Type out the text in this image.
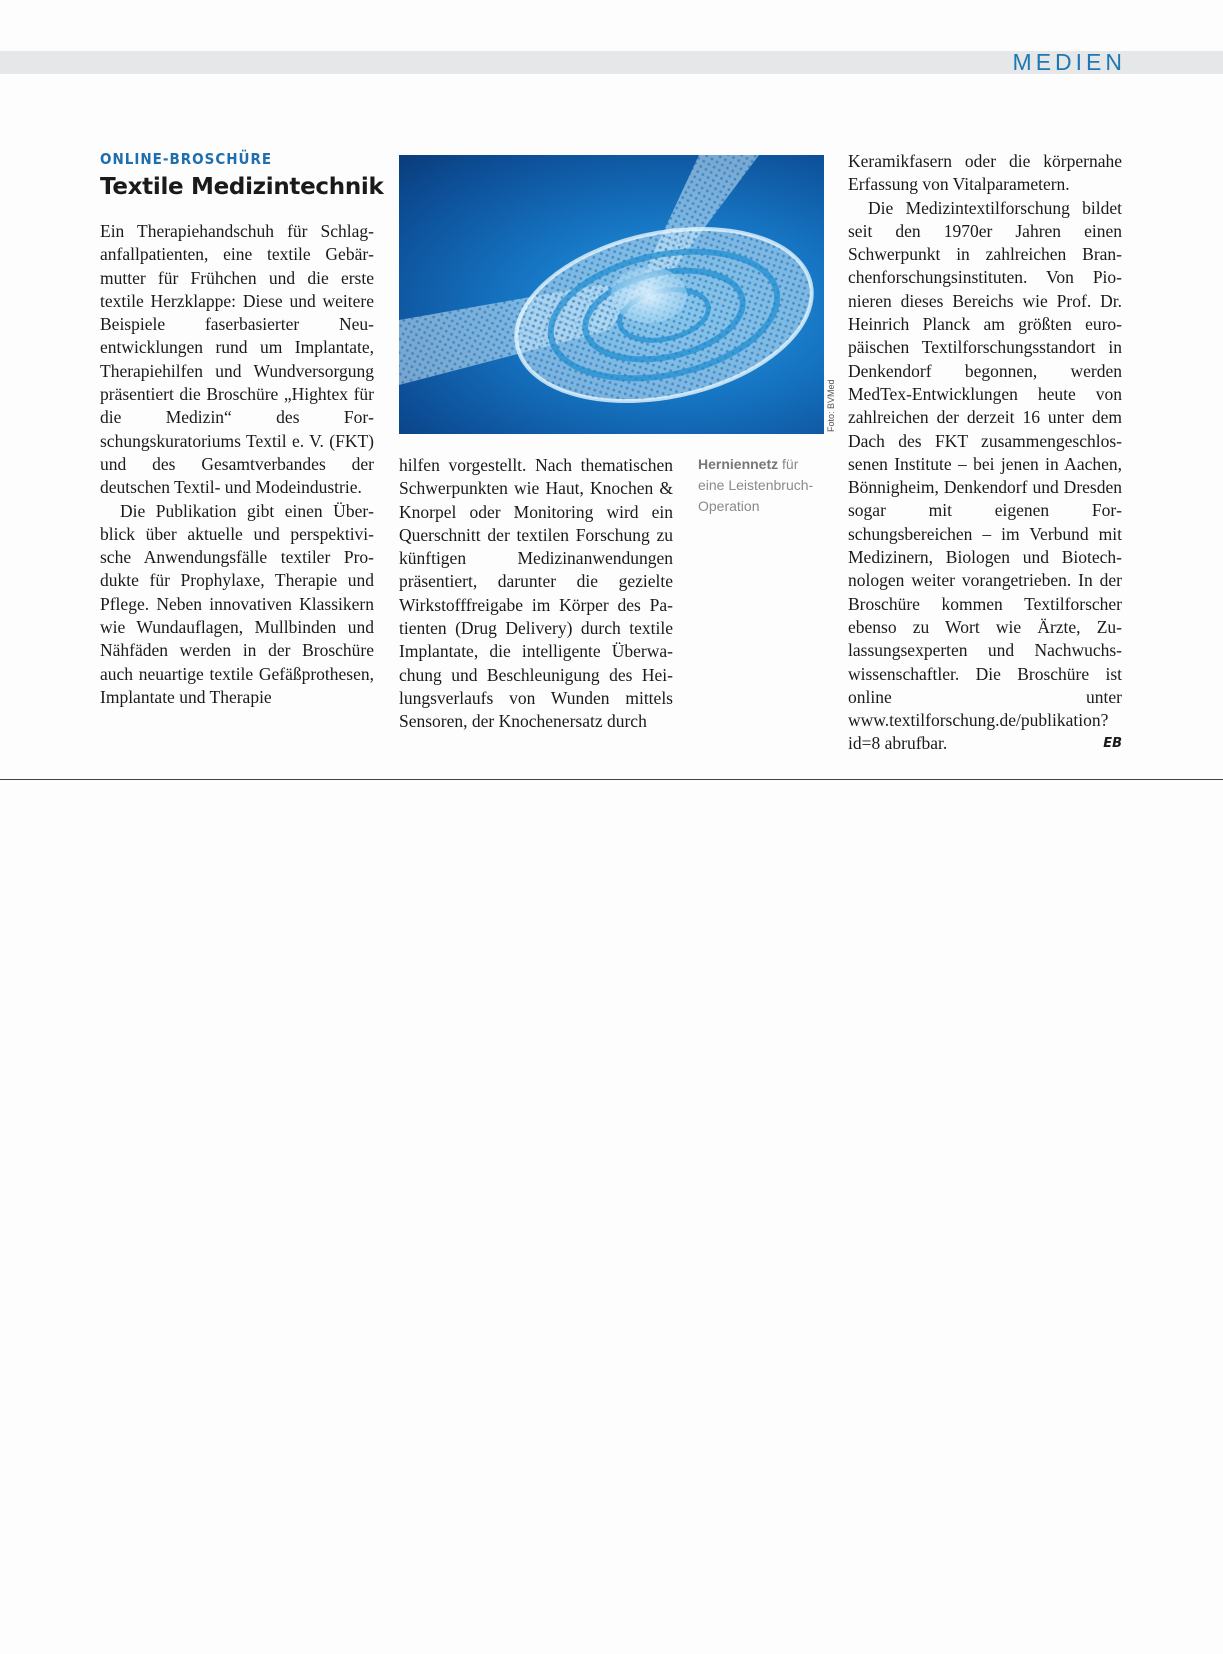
MEDIEN
ONLINE-BROSCHÜRE
Textile Medizintechnik

Ein Therapiehandschuh für Schlaganfallpatienten, eine textile Gebärmutter für Frühchen und die erste textile Herzklappe: Diese und weitere Beispiele faserbasierter Neuentwicklungen rund um Implantate, Therapiehilfen und Wundversorgung präsentiert die Broschüre „Hightex für die Medizin“ des Forschungskuratoriums Textil e. V. (FKT) und des Gesamtverbandes der deutschen Textil- und Modeindustrie.

Die Publikation gibt einen Überblick über aktuelle und perspektivische Anwendungsfälle textiler Produkte für Prophylaxe, Therapie und Pflege. Neben innovativen Klassikern wie Wundauflagen, Mullbinden und Nähfäden werden in der Broschüre auch neuartige textile Gefäßprothesen, Implantate und Therapie

Foto: BVMed

hilfen vorgestellt. Nach thematischen Schwerpunkten wie Haut, Knochen & Knorpel oder Monitoring wird ein Querschnitt der textilen Forschung zu künftigen Medizinanwendungen präsentiert, darunter die gezielte Wirkstofffreigabe im Körper des Patienten (Drug Delivery) durch textile Implantate, die intelligente Überwachung und Beschleunigung des Heilungsverlaufs von Wunden mittels Sensoren, der Knochenersatz durch

Herniennetz für eine Leistenbruch-Operation

Keramikfasern oder die körpernahe Erfassung von Vitalparametern.

Die Medizintextilforschung bildet seit den 1970er Jahren einen Schwerpunkt in zahlreichen Branchenforschungsinstituten. Von Pionieren dieses Bereichs wie Prof. Dr. Heinrich Planck am größten europäischen Textilforschungsstandort in Denkendorf begonnen, werden MedTex-Entwicklungen heute von zahlreichen der derzeit 16 unter dem Dach des FKT zusammengeschlossenen Institute – bei jenen in Aachen, Bönnigheim, Denkendorf und Dresden sogar mit eigenen Forschungsbereichen – im Verbund mit Medizinern, Biologen und Biotechnologen weiter vorangetrieben. In der Broschüre kommen Textilforscher ebenso zu Wort wie Ärzte, Zulassungsexperten und Nachwuchswissenschaftler. Die Broschüre ist online unter www.textilforschung.de/publikation?id=8 abrufbar.	EB
